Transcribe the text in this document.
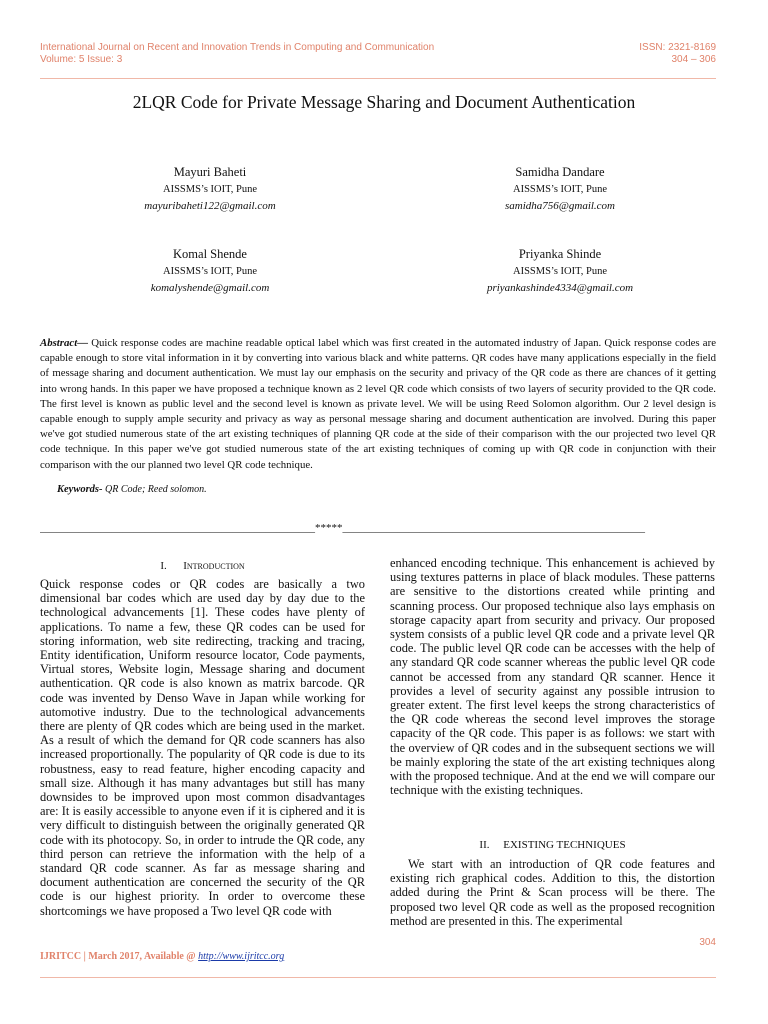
International Journal on Recent and Innovation Trends in Computing and Communication
Volume: 5 Issue: 3
ISSN: 2321-8169
304 – 306
2LQR Code for Private Message Sharing and Document Authentication
Mayuri Baheti
AISSMS’s IOIT, Pune
mayuribaheti122@gmail.com
Samidha Dandare
AISSMS’s IOIT, Pune
samidha756@gmail.com
Komal Shende
AISSMS’s IOIT, Pune
komalyshende@gmail.com
Priyanka Shinde
AISSMS’s IOIT, Pune
priyankashinde4334@gmail.com
Abstract— Quick response codes are machine readable optical label which was first created in the automated industry of Japan. Quick response codes are capable enough to store vital information in it by converting into various black and white patterns. QR codes have many applications especially in the field of message sharing and document authentication. We must lay our emphasis on the security and privacy of the QR code as there are chances of it getting into wrong hands. In this paper we have proposed a technique known as 2 level QR code which consists of two layers of security provided to the QR code. The first level is known as public level and the second level is known as private level. We will be using Reed Solomon algorithm. Our 2 level design is capable enough to supply ample security and privacy as way as personal message sharing and document authentication are involved. During this paper we've got studied numerous state of the art existing techniques of planning QR code at the side of their comparison with the our projected two level QR code technique. In this paper we've got studied numerous state of the art existing techniques of coming up with QR code in conjunction with their comparison with the our planned two level QR code technique.
Keywords- QR Code; Reed solomon.
__________________________________________________*****_______________________________________________________
I. Introduction
Quick response codes or QR codes are basically a two dimensional bar codes which are used day by day due to the technological advancements [1]. These codes have plenty of applications. To name a few, these QR codes can be used for storing information, web site redirecting, tracking and tracing, Entity identification, Uniform resource locator, Code payments, Virtual stores, Website login, Message sharing and document authentication. QR code is also known as matrix barcode. QR code was invented by Denso Wave in Japan while working for automotive industry. Due to the technological advancements there are plenty of QR codes which are being used in the market. As a result of which the demand for QR code scanners has also increased proportionally. The popularity of QR code is due to its robustness, easy to read feature, higher encoding capacity and small size. Although it has many advantages but still has many downsides to be improved upon most common disadvantages are: It is easily accessible to anyone even if it is ciphered and it is very difficult to distinguish between the originally generated QR code with its photocopy. So, in order to intrude the QR code, any third person can retrieve the information with the help of a standard QR code scanner. As far as message sharing and document authentication are concerned the security of the QR code is our highest priority. In order to overcome these shortcomings we have proposed a Two level QR code with
enhanced encoding technique. This enhancement is achieved by using textures patterns in place of black modules. These patterns are sensitive to the distortions created while printing and scanning process. Our proposed technique also lays emphasis on storage capacity apart from security and privacy. Our proposed system consists of a public level QR code and a private level QR code. The public level QR code can be accesses with the help of any standard QR code scanner whereas the public level QR code cannot be accessed from any standard QR scanner. Hence it provides a level of security against any possible intrusion to greater extent. The first level keeps the strong characteristics of the QR code whereas the second level improves the storage capacity of the QR code. This paper is as follows: we start with the overview of QR codes and in the subsequent sections we will be mainly exploring the state of the art existing techniques along with the proposed technique. And at the end we will compare our technique with the existing techniques.
II. EXISTING TECHNIQUES
We start with an introduction of QR code features and existing rich graphical codes. Addition to this, the distortion added during the Print & Scan process will be there. The proposed two level QR code as well as the proposed recognition method are presented in this. The experimental
304
IJRITCC | March 2017, Available @ http://www.ijritcc.org
